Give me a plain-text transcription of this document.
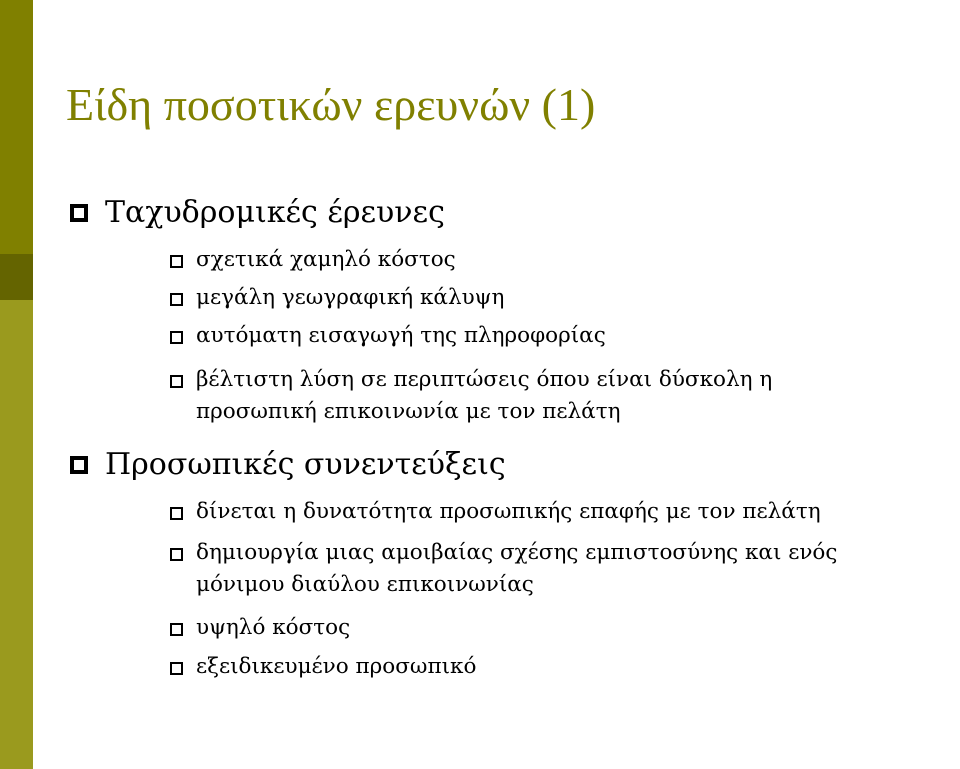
Είδη ποσοτικών ερευνών (1)
Ταχυδρομικές έρευνες
σχετικά χαμηλό κόστος
μεγάλη γεωγραφική κάλυψη
αυτόματη εισαγωγή της πληροφορίας
βέλτιστη λύση σε περιπτώσεις όπου είναι δύσκολη η
προσωπική επικοινωνία με τον πελάτη
Προσωπικές συνεντεύξεις
δίνεται η δυνατότητα προσωπικής επαφής με τον πελάτη
δημιουργία μιας αμοιβαίας σχέσης εμπιστοσύνης και ενός
μόνιμου διαύλου επικοινωνίας
υψηλό κόστος
εξειδικευμένο προσωπικό
